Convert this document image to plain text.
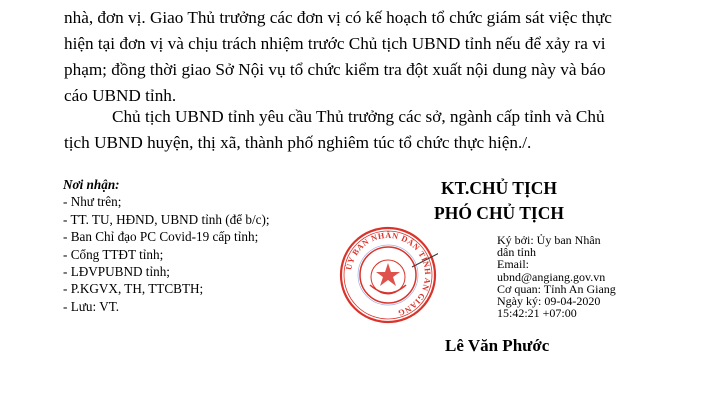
nhà, đơn vị. Giao Thủ trưởng các đơn vị có kế hoạch tổ chức giám sát việc thực
hiện tại đơn vị và chịu trách nhiệm trước Chủ tịch UBND tỉnh nếu để xảy ra vi
phạm; đồng thời giao Sở Nội vụ tổ chức kiểm tra đột xuất nội dung này và báo
cáo UBND tỉnh.
Chủ tịch UBND tỉnh yêu cầu Thủ trưởng các sở, ngành cấp tỉnh và Chủ
tịch UBND huyện, thị xã, thành phố nghiêm túc tổ chức thực hiện./.
Nơi nhận:
- Như trên;
- TT. TU, HĐND, UBND tỉnh (để b/c);
- Ban Chỉ đạo PC Covid-19 cấp tỉnh;
- Cổng TTĐT tỉnh;
- LĐVPUBND tỉnh;
- P.KGVX, TH, TTCBTH;
- Lưu: VT.
KT.CHỦ TỊCH
PHÓ CHỦ TỊCH
ỦY BAN NHÂN DÂN TỈNH AN GIANG
Ký bởi: Ủy ban Nhân
dân tỉnh
Email:
ubnd@angiang.gov.vn
Cơ quan: Tỉnh An Giang
Ngày ký: 09-04-2020
15:42:21 +07:00
Lê Văn Phước
